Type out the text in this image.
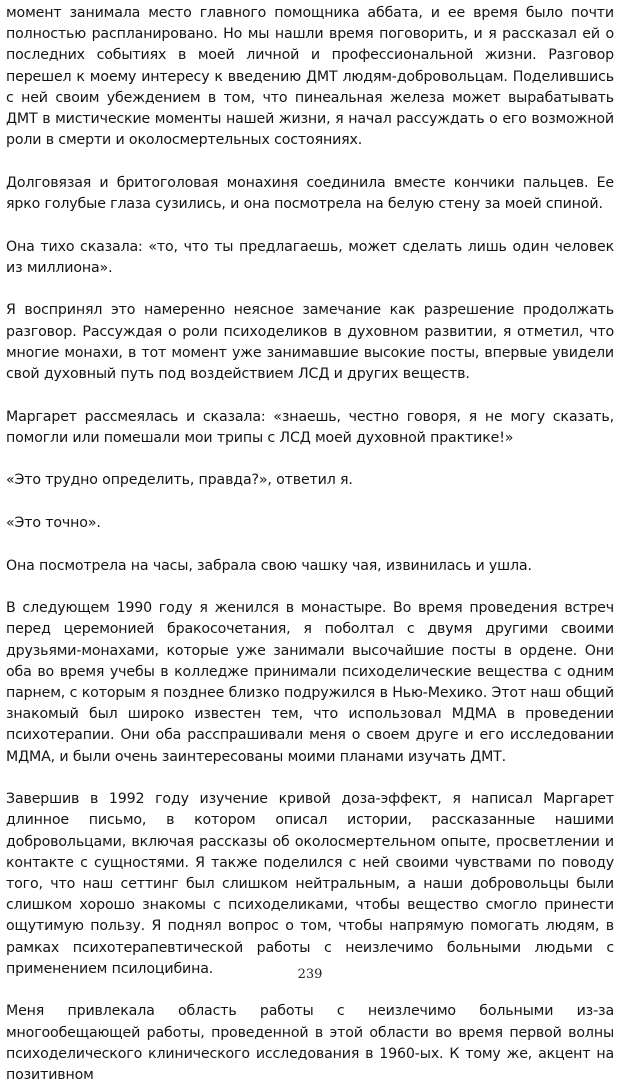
момент занимала место главного помощника аббата, и ее время было почти полностью распланировано. Но мы нашли время поговорить, и я рассказал ей о последних событиях в моей личной и профессиональной жизни. Разговор перешел к моему интересу к введению ДМТ людям-добровольцам. Поделившись с ней своим убеждением в том, что пинеальная железа может вырабатывать ДМТ в мистические моменты нашей жизни, я начал рассуждать о его возможной роли в смерти и околосмертельных состояниях.

Долговязая и бритоголовая монахиня соединила вместе кончики пальцев. Ее ярко голубые глаза сузились, и она посмотрела на белую стену за моей спиной.

Она тихо сказала: «то, что ты предлагаешь, может сделать лишь один человек из миллиона».

Я воспринял это намеренно неясное замечание как разрешение продолжать разговор. Рассуждая о роли психоделиков в духовном развитии, я отметил, что многие монахи, в тот момент уже занимавшие высокие посты, впервые увидели свой духовный путь под воздействием ЛСД и других веществ.

Маргарет рассмеялась и сказала: «знаешь, честно говоря, я не могу сказать, помогли или помешали мои трипы с ЛСД моей духовной практике!»

«Это трудно определить, правда?», ответил я.

«Это точно».

Она посмотрела на часы, забрала свою чашку чая, извинилась и ушла.

В следующем 1990 году я женился в монастыре. Во время проведения встреч перед церемонией бракосочетания, я поболтал с двумя другими своими друзьями-монахами, которые уже занимали высочайшие посты в ордене. Они оба во время учебы в колледже принимали психоделические вещества с одним парнем, с которым я позднее близко подружился в Нью-Мехико. Этот наш общий знакомый был широко известен тем, что использовал МДМА в проведении психотерапии. Они оба расспрашивали меня о своем друге и его исследовании МДМА, и были очень заинтересованы моими планами изучать ДМТ.

Завершив в 1992 году изучение кривой доза-эффект, я написал Маргарет длинное письмо, в котором описал истории, рассказанные нашими добровольцами, включая рассказы об околосмертельном опыте, просветлении и контакте с сущностями. Я также поделился с ней своими чувствами по поводу того, что наш сеттинг был слишком нейтральным, а наши добровольцы были слишком хорошо знакомы с психоделиками, чтобы вещество смогло принести ощутимую пользу. Я поднял вопрос о том, чтобы напрямую помогать людям, в рамках психотерапевтической работы с неизлечимо больными людьми с применением псилоцибина.

Меня привлекала область работы с неизлечимо больными из-за многообещающей работы, проведенной в этой области во время первой волны психоделического клинического исследования в 1960-ых. К тому же, акцент на позитивном

239
